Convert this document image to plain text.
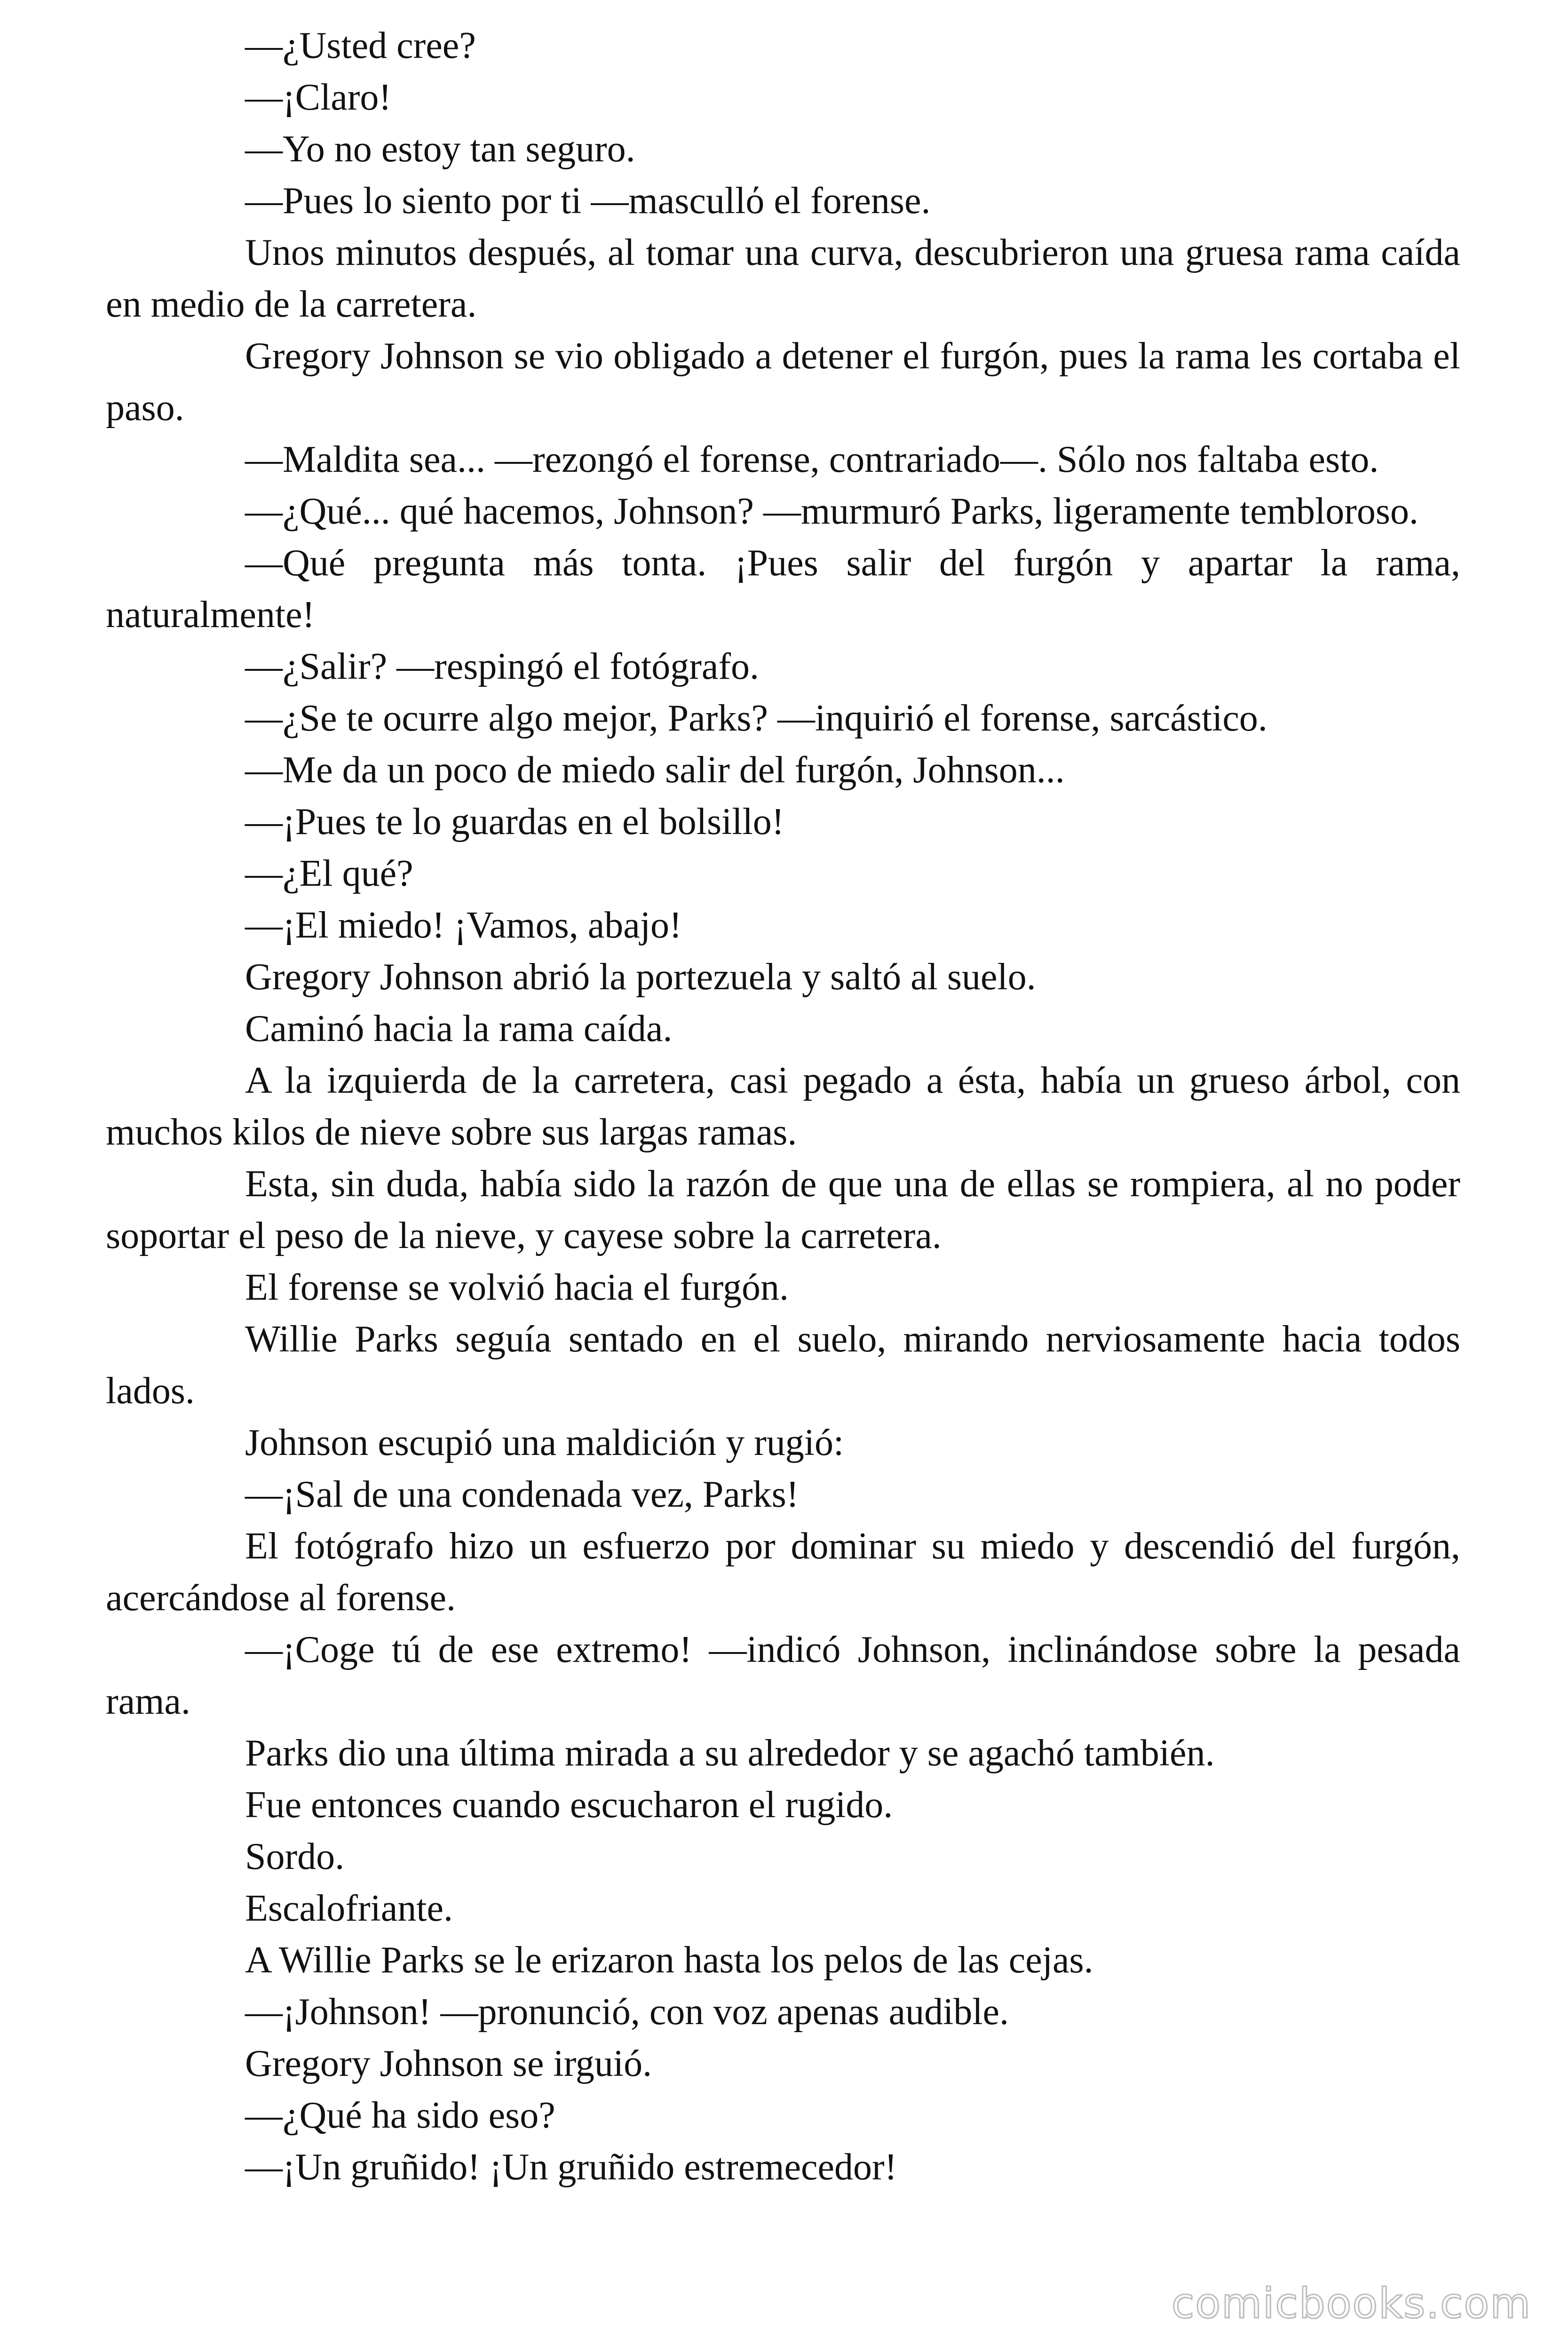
—¿Usted cree?

—¡Claro!

—Yo no estoy tan seguro.

—Pues lo siento por ti —mascullό el forense.

Unos minutos después, al tomar una curva, descubrieron una gruesa rama caída en medio de la carretera.

Gregory Johnson se vio obligado a detener el furgón, pues la rama les cortaba el paso.

—Maldita sea... —rezongó el forense, contrariado—. Sólo nos faltaba esto.

—¿Qué... qué hacemos, Johnson? —murmuró Parks, ligeramente tembloroso.

—Qué pregunta más tonta. ¡Pues salir del furgón y apartar la rama, naturalmente!

—¿Salir? —respingó el fotógrafo.

—¿Se te ocurre algo mejor, Parks? —inquirió el forense, sarcástico.

—Me da un poco de miedo salir del furgón, Johnson...

—¡Pues te lo guardas en el bolsillo!

—¿El qué?

—¡El miedo! ¡Vamos, abajo!

Gregory Johnson abrió la portezuela y saltó al suelo.

Caminó hacia la rama caída.

A la izquierda de la carretera, casi pegado a ésta, había un grueso árbol, con muchos kilos de nieve sobre sus largas ramas.

Esta, sin duda, había sido la razón de que una de ellas se rompiera, al no poder soportar el peso de la nieve, y cayese sobre la carretera.

El forense se volvió hacia el furgón.

Willie Parks seguía sentado en el suelo, mirando nerviosamente hacia todos lados.

Johnson escupió una maldición y rugió:

—¡Sal de una condenada vez, Parks!

El fotógrafo hizo un esfuerzo por dominar su miedo y descendió del furgón, acercándose al forense.

—¡Coge tú de ese extremo! —indicó Johnson, inclinándose sobre la pesada rama.

Parks dio una última mirada a su alrededor y se agachó también.

Fue entonces cuando escucharon el rugido.

Sordo.

Escalofriante.

A Willie Parks se le erizaron hasta los pelos de las cejas.

—¡Johnson! —pronunció, con voz apenas audible.

Gregory Johnson se irguió.

—¿Qué ha sido eso?

—¡Un gruñido! ¡Un gruñido estremecedor!

comicbooks.com
